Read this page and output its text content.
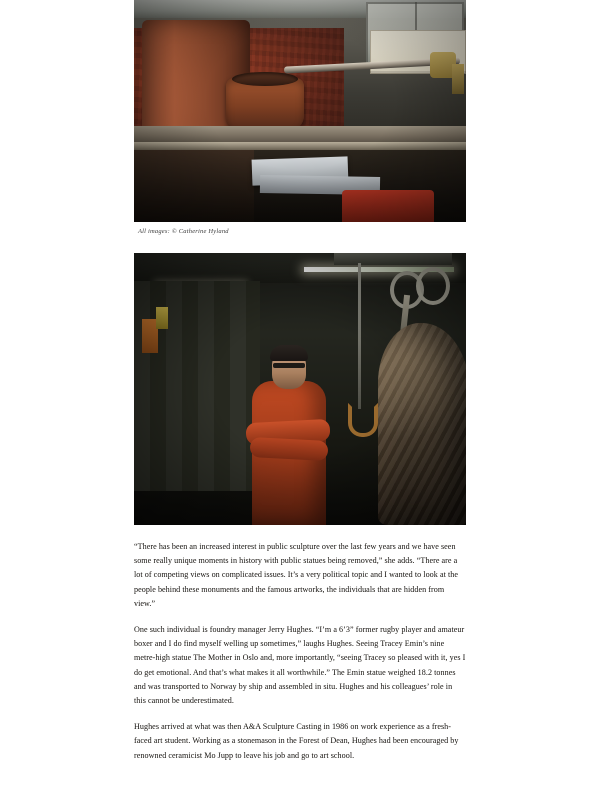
All images: © Catherine Hyland

“There has been an increased interest in public sculpture over the last few years and we have seen some really unique moments in history with public statues being removed,” she adds. “There are a lot of competing views on complicated issues. It’s a very political topic and I wanted to look at the people behind these monuments and the famous artworks, the individuals that are hidden from view.”

One such individual is foundry manager Jerry Hughes. “I’m a 6’3” former rugby player and amateur boxer and I do find myself welling up sometimes,” laughs Hughes. Seeing Tracey Emin’s nine metre-high statue The Mother in Oslo and, more importantly, “seeing Tracey so pleased with it, yes I do get emotional. And that’s what makes it all worthwhile.” The Emin statue weighed 18.2 tonnes and was transported to Norway by ship and assembled in situ. Hughes and his colleagues’ role in this cannot be underestimated.

Hughes arrived at what was then A&A Sculpture Casting in 1986 on work experience as a fresh-faced art student. Working as a stonemason in the Forest of Dean, Hughes had been encouraged by renowned ceramicist Mo Jupp to leave his job and go to art school.
